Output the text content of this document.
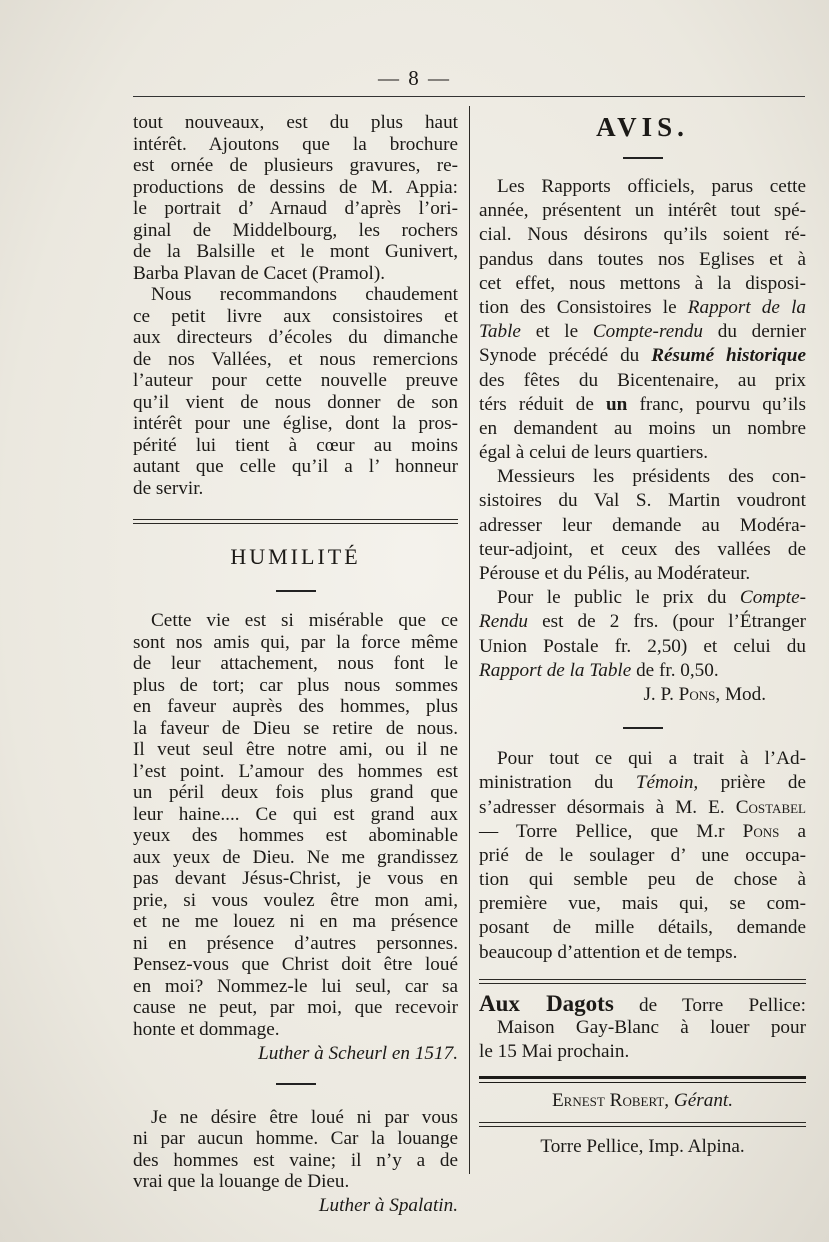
— 8 —

tout nouveaux, est du plus haut

intérêt. Ajoutons que la brochure

est ornée de plusieurs gravures, re-

productions de dessins de M. Appia:

le portrait d’ Arnaud d’après l’ori-

ginal de Middelbourg, les rochers

de la Balsille et le mont Gunivert,

Barba Plavan de Cacet (Pramol).

Nous recommandons chaudement

ce petit livre aux consistoires et

aux directeurs d’écoles du dimanche

de nos Vallées, et nous remercions

l’auteur pour cette nouvelle preuve

qu’il vient de nous donner de son

intérêt pour une église, dont la pros-

périté lui tient à cœur au moins

autant que celle qu’il a l’ honneur

de servir.

HUMILITÉ

Cette vie est si misérable que ce

sont nos amis qui, par la force même

de leur attachement, nous font le

plus de tort; car plus nous sommes

en faveur auprès des hommes, plus

la faveur de Dieu se retire de nous.

Il veut seul être notre ami, ou il ne

l’est point. L’amour des hommes est

un péril deux fois plus grand que

leur haine.... Ce qui est grand aux

yeux des hommes est abominable

aux yeux de Dieu. Ne me grandissez

pas devant Jésus-Christ, je vous en

prie, si vous voulez être mon ami,

et ne me louez ni en ma présence

ni en présence d’autres personnes.

Pensez-vous que Christ doit être loué

en moi? Nommez-le lui seul, car sa

cause ne peut, par moi, que recevoir

honte et dommage.

Luther à Scheurl en 1517.

Je ne désire être loué ni par vous

ni par aucun homme. Car la louange

des hommes est vaine; il n’y a de

vrai que la louange de Dieu.

Luther à Spalatin.

AVIS.

Les Rapports officiels, parus cette

année, présentent un intérêt tout spé-

cial. Nous désirons qu’ils soient ré-

pandus dans toutes nos Eglises et à

cet effet, nous mettons à la disposi-

tion des Consistoires le Rapport de la

Table et le Compte-rendu du dernier

Synode précédé du Résumé historique

des fêtes du Bicentenaire, au prix

térs réduit de un franc, pourvu qu’ils

en demandent au moins un nombre

égal à celui de leurs quartiers.

Messieurs les présidents des con-

sistoires du Val S. Martin voudront

adresser leur demande au Modéra-

teur-adjoint, et ceux des vallées de

Pérouse et du Pélis, au Modérateur.

Pour le public le prix du Compte-

Rendu est de 2 frs. (pour l’Étranger

Union Postale fr. 2,50) et celui du

Rapport de la Table de fr. 0,50.

J. P. Pons, Mod.

Pour tout ce qui a trait à l’Ad-

ministration du Témoin, prière de

s’adresser désormais à M. E. Costabel

— Torre Pellice, que M.r Pons a

prié de le soulager d’ une occupa-

tion qui semble peu de chose à

première vue, mais qui, se com-

posant de mille détails, demande

beaucoup d’attention et de temps.

Aux Dagots de Torre Pellice:

Maison Gay-Blanc à louer pour

le 15 Mai prochain.

Ernest Robert, Gérant.

Torre Pellice, Imp. Alpina.
